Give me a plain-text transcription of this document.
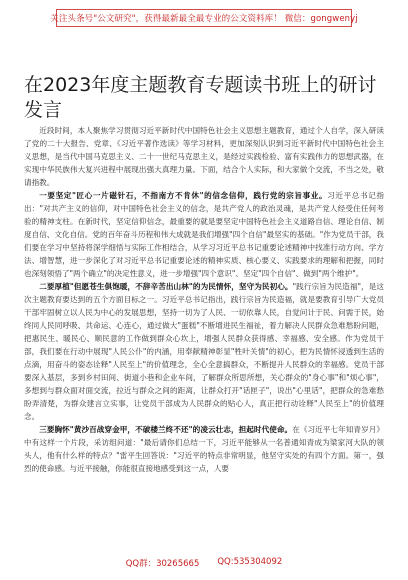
关注头条号"公文研究"，获得最新最全最专业的公文资料库！ 微信：gongwenyj
在2023年度主题教育专题读书班上的研讨发言

近段时间，本人聚焦学习贯彻习近平新时代中国特色社会主义思想主题教育，通过个人自学，深入研读了党的二十大报告、党章、《习近平著作选读》等学习材料，更加深刻认识到习近平新时代中国特色社会主义思想，是当代中国马克思主义、二十一世纪马克思主义，是经过实践检验、富有实践伟力的思想武器，在实现中华民族伟大复兴进程中展现出强大真理力量。下面，结合个人实际，和大家做个交流，不当之处，敬请指教。

一要坚定"匠心一片磁针石，不指南方不肯休"的信念信仰，践行党的宗旨事业。习近平总书记指出："对共产主义的信仰，对中国特色社会主义的信念，是共产党人的政治灵魂，是共产党人经受住任何考验的精神支柱。在新时代，坚定信仰信念，最重要的就是要坚定中国特色社会主义道路自信、理论自信、制度自信、文化自信。党的百年奋斗历程和伟大成就是我们增强"四个自信"最坚实的基础。"作为党员干部，我们要在学习中坚持将深学细悟与实际工作相结合，从学习习近平总书记重要论述精神中找准行动方向、学方法、增智慧，进一步深化了对习近平总书记重要论述的精神实质、核心要义、实践要求的理解和把握，同时也深刻领悟了"两个确立"的决定性意义，进一步增强"四个意识"、坚定"四个自信"、做到"两个维护"。

二要厚植"但愿苍生俱饱暖，不辞辛苦出山林"的为民情怀，坚守为民初心。"践行宗旨为民造福"，是这次主题教育要达到的五个方面目标之一。习近平总书记指出，践行宗旨为民造福，就是要教育引导广大党员干部牢固树立以人民为中心的发展思想，坚持一切为了人民、一切依靠人民，自觉问计于民、问需于民，始终同人民同呼吸、共命运、心连心，通过做大"蛋糕"不断增进民生福祉，着力解决人民群众急难愁盼问题，把惠民生、暖民心、顺民意的工作做到群众心坎上，增强人民群众获得感、幸福感、安全感。作为党员干部，我们要在行动中展现"人民公仆"的内涵，用奉献精神彰显"牲叶关情"的初心，把为民情怀浸透到生活的点滴，用奋斗的姿态诠释"人民至上"的价值理念，全心全意搞群众，不断提升人民群众的幸福感。党员干部要深入基层，多到乡村田间、街道小巷和企业车间，了解群众所思所想，关心群众的"身心事"和"烦心事"，多想到与群众面对面交流，拉近与群众之间的距离，让群众打开"话匣子"，说出"心里话"，把群众的急难愁盼弄清楚，为群众建言立实事，让党员干部成为人民群众的贴心人，真正把行动诠释"人民至上"的价值理念。

三要胸怀"黄沙百战穿金甲，不破楼兰终不还"的凌云壮志，担起时代使命。在《习近平七年知青岁月》中有这样一个片段，采访组问道："最后请你们总结一下，习近平能够从一名普通知青成为梁家河大队的领头人，他有什么样的特点？"雷平生回答说："习近平的特点非常明显，他坚守实处的有四个方面。第一，强烈的使命感。与近平接触，你能很直接地感受到这一点，人要

QQ群：30265665 QQ:535304092
